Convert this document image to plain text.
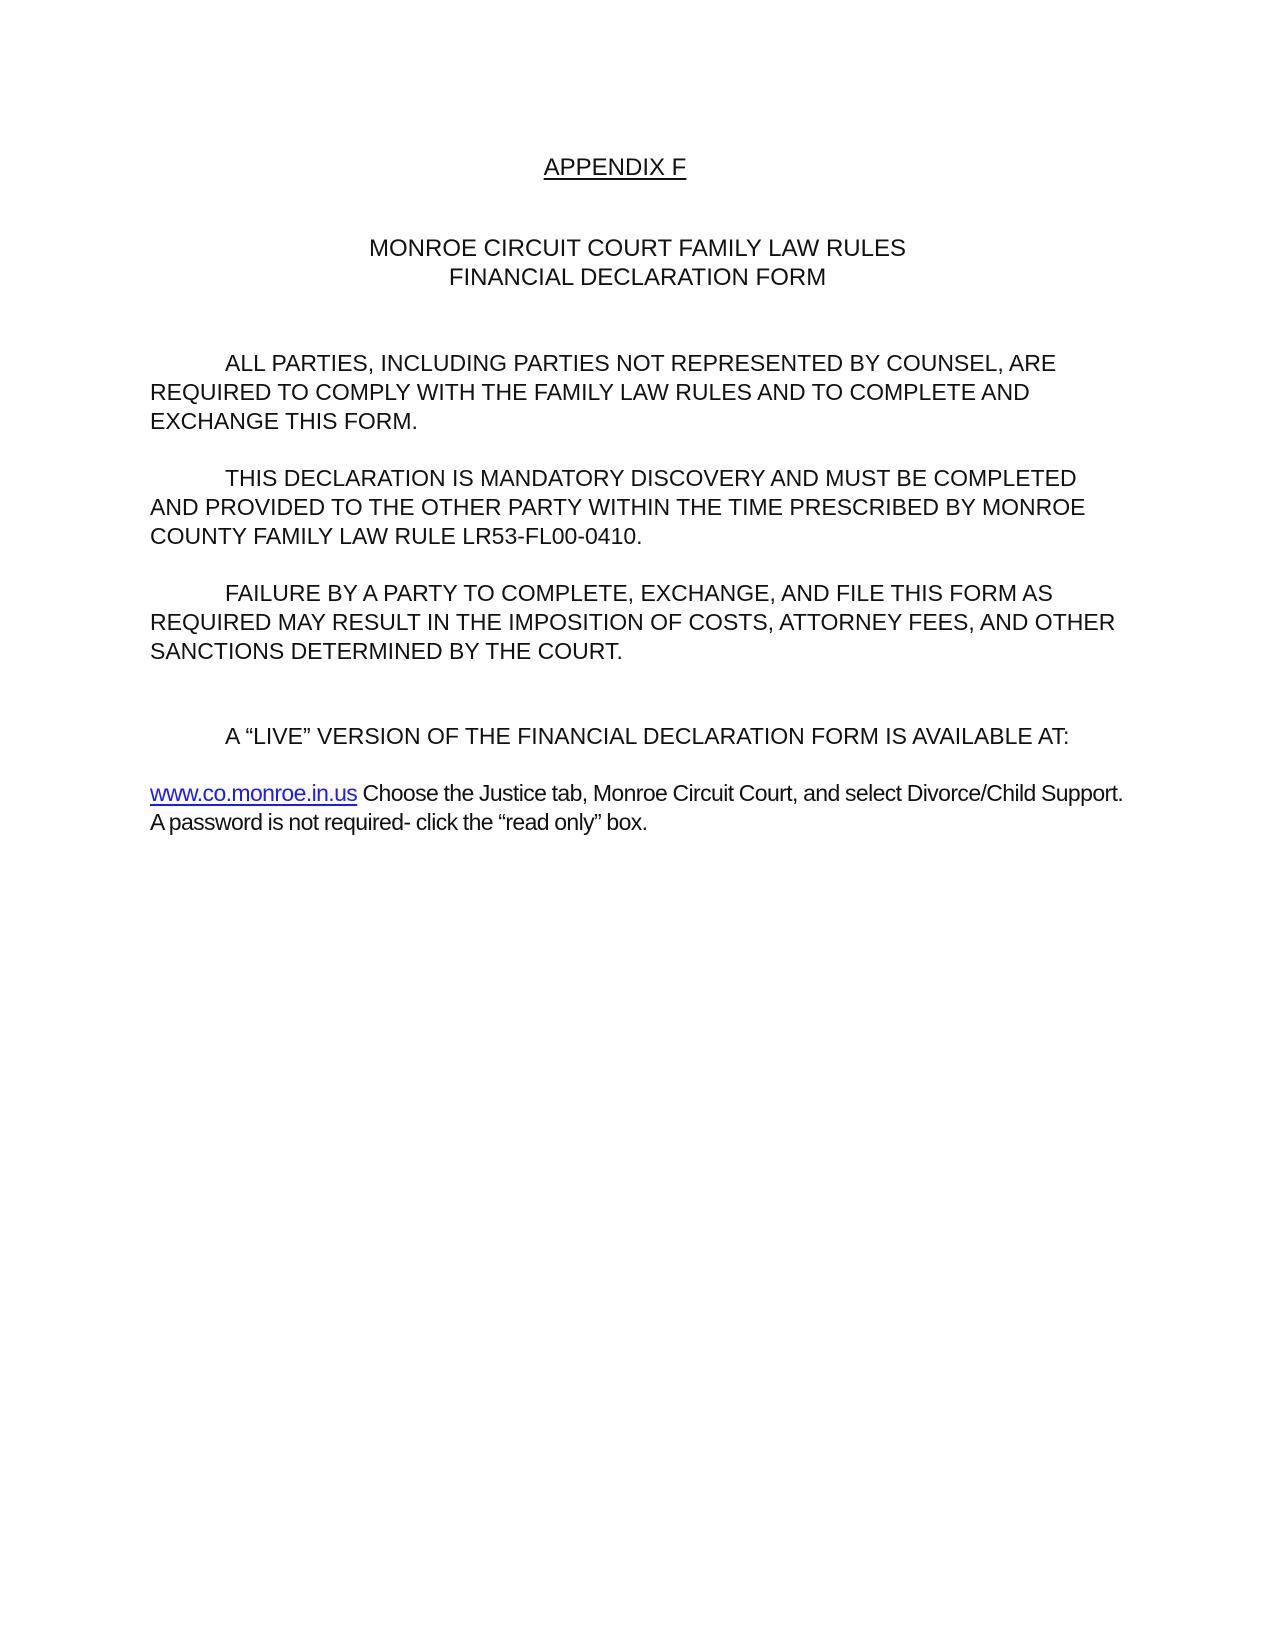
APPENDIX F
MONROE CIRCUIT COURT FAMILY LAW RULES
FINANCIAL DECLARATION FORM

ALL PARTIES, INCLUDING PARTIES NOT REPRESENTED BY COUNSEL, ARE REQUIRED TO COMPLY WITH THE FAMILY LAW RULES AND TO COMPLETE AND EXCHANGE THIS FORM.

THIS DECLARATION IS MANDATORY DISCOVERY AND MUST BE COMPLETED AND PROVIDED TO THE OTHER PARTY WITHIN THE TIME PRESCRIBED BY MONROE COUNTY FAMILY LAW RULE LR53-FL00-0410.

FAILURE BY A PARTY TO COMPLETE, EXCHANGE, AND FILE THIS FORM AS REQUIRED MAY RESULT IN THE IMPOSITION OF COSTS, ATTORNEY FEES, AND OTHER SANCTIONS DETERMINED BY THE COURT.

A “LIVE” VERSION OF THE FINANCIAL DECLARATION FORM IS AVAILABLE AT:

www.co.monroe.in.us Choose the Justice tab, Monroe Circuit Court, and select Divorce/Child Support. A password is not required- click the “read only” box.
